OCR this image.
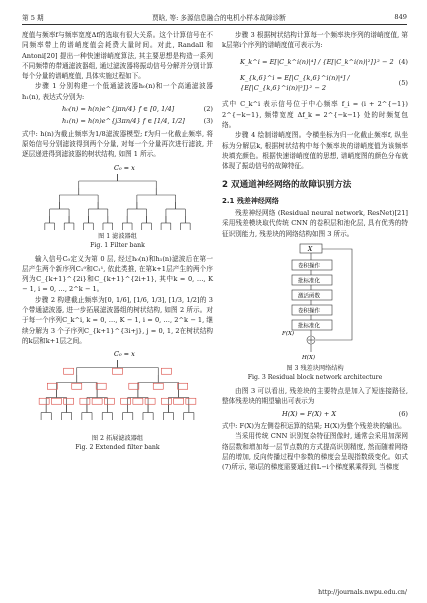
第 5 期	贾晗, 等: 多源信息融合的电机小样本故障诊断	849

度值与频率f与频率宽度Δf的选取有很大关系。这个计算信号在不同频率带上的谱峭度值会耗费大量时间。对此, Randall 和 Antoni[20] 提出一种快速谱峭度算法, 其主要思想是构造一系列不同频带的带通滤波器组, 通过滤波器将振动信号分解并分别计算每个分量的谱峭度值, 具体实施过程如下。

步骤 1 分别构建一个低通滤波器h₀(n)和一个高通滤波器h₁(n), 表达式分别为:

h₀(n) = h(n)e^{jπn/4} f ∈ [0, 1/4]	(2)
h₁(n) = h(n)e^{j3πn/4} f ∈ [1/4, 1/2]	(3)

式中: h(n)为截止频率为1/8滤波器模型; f为归一化截止频率, 将原始信号分别滤波得到两个分量, 对每一个分量再次进行滤波, 并逐层递进得到滤波器的树状结构, 如图 1 所示。

C₀ = x
图 1 滤波器组
Fig. 1 Filter bank

输入信号C₀定义为第 0 层, 经过h₀(n)和h₁(n)滤波后在第一层产生两个新序列C₁⁰和C₁¹, 依此类推, 在第k+1层产生的两个序列为C_{k+1}^{2i}和C_{k+1}^{2i+1}, 其中k = 0, …, K − 1, i = 0, …, 2^k − 1。

步骤 2 构建截止频率为[0, 1/6], [1/6, 1/3], [1/3, 1/2]的 3 个带通滤波器, 进一步拓展滤波器组的树状结构, 如图 2 所示。对于每一个序列C_k^i, k = 0, …, K − 1, i = 0, …, 2^k − 1, 继续分解为 3 个子序列C_{k+1}^{3i+j}, j = 0, 1, 2在树状结构的k层和k+1层之间。

C₀ = x
图 2 拓展滤波器组
Fig. 2 Extended filter bank

步骤 3 根据树状结构计算每一个频率块序列的谱峭度值, 第k层第i个序列的谱峭度值可表示为:

K_k^i = E[|C_k^i(n)|⁴] / {E[|C_k^i(n)|²]}² − 2 (4)
K_{k,6}^i = E[|C_{k,6}^i(n)|⁴] / {E[|C_{k,6}^i(n)|²]}² − 2
(5)

式中 C_k^i 表示信号位于中心频率 f_i = (i + 2^{−1}) 2^{−k−1}, 频带宽度 Δf_k = 2^{−k−1} 处的时频复包络。

步骤 4 绘制谱峭度图。令横坐标为归一化截止频率f, 纵坐标为分解层k, 根据树状结构中每个频率块的谱峭度值为该频率块填充颜色。根据快速谱峭度值的思想, 谱峭度图的颜色分布就体现了振动信号的故障特征。

2 双通道神经网络的故障识别方法
2.1 残差神经网络

残差神经网络 (Residual neural network, ResNet)[21] 采用残差模块取代传统 CNN 的卷积层和池化层, 具有优秀的特征识别能力, 残差块的网络结构如图 3 所示。

X
卷积操作
批标准化
激活函数
卷积操作
批标准化
F(X)
H(X)
图 3 残差块网络结构
Fig. 3 Residual block network architecture

由图 3 可以看出, 残差块的主要特点是加入了短连接路径, 整体残差块的期望输出可表示为

H(X) = F(X) + X	(6)

式中: F(X)为左侧卷积运算的结果; H(X)为整个残差块的输出。

当采用传统 CNN 识别复杂特征图像时, 通常会采用加深网络层数和增加每一层节点数的方式提高识别精度, 然而随着网络层的增加, 反向传播过程中参数的梯度会呈现指数级变化。如式(7)所示, 第i层的梯度需要通过前L−i个梯度累乘得到, 当梯度

http://journals.nwpu.edu.cn/
